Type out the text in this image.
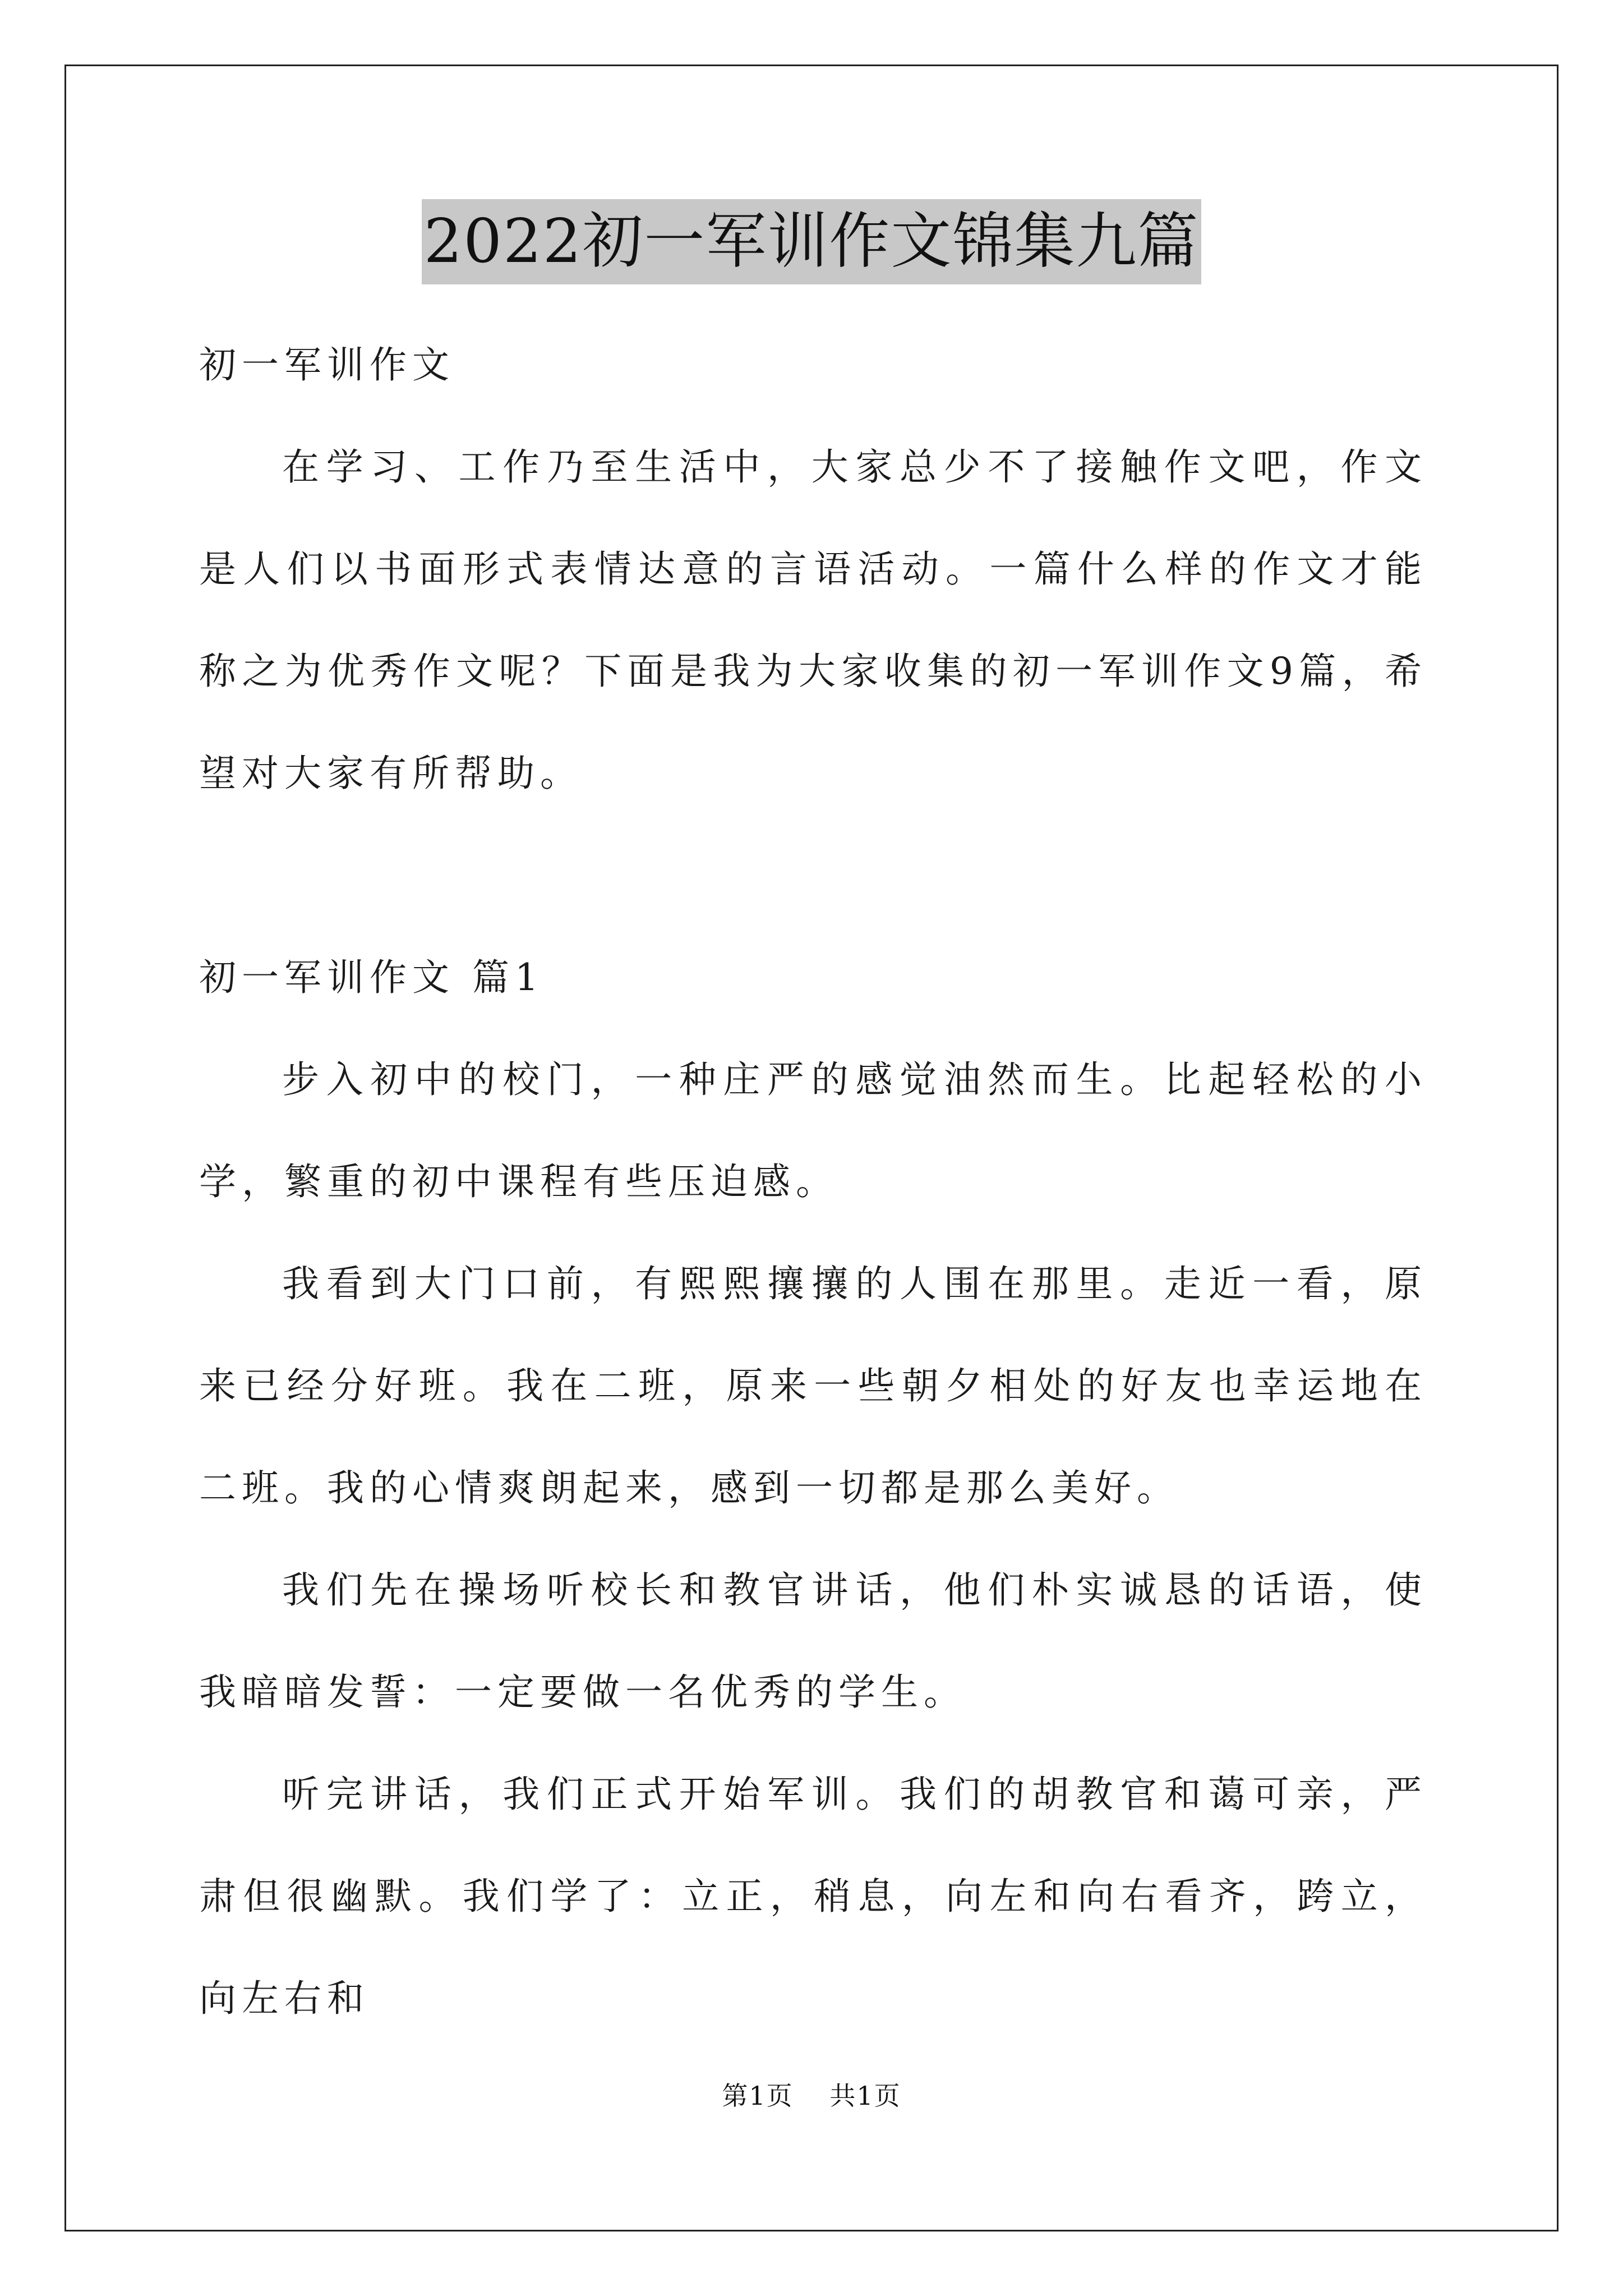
2022初一军训作文锦集九篇

初一军训作文

在学习、工作乃至生活中，大家总少不了接触作文吧，作文是人们以书面形式表情达意的言语活动。一篇什么样的作文才能称之为优秀作文呢？下面是我为大家收集的初一军训作文9篇，希望对大家有所帮助。

初一军训作文 篇1

步入初中的校门，一种庄严的感觉油然而生。比起轻松的小学，繁重的初中课程有些压迫感。

我看到大门口前，有熙熙攘攘的人围在那里。走近一看，原来已经分好班。我在二班，原来一些朝夕相处的好友也幸运地在二班。我的心情爽朗起来，感到一切都是那么美好。

我们先在操场听校长和教官讲话，他们朴实诚恳的话语，使我暗暗发誓：一定要做一名优秀的学生。

听完讲话，我们正式开始军训。我们的胡教官和蔼可亲，严肃但很幽默。我们学了：立正，稍息，向左和向右看齐，跨立，向左右和

第1页 共1页
